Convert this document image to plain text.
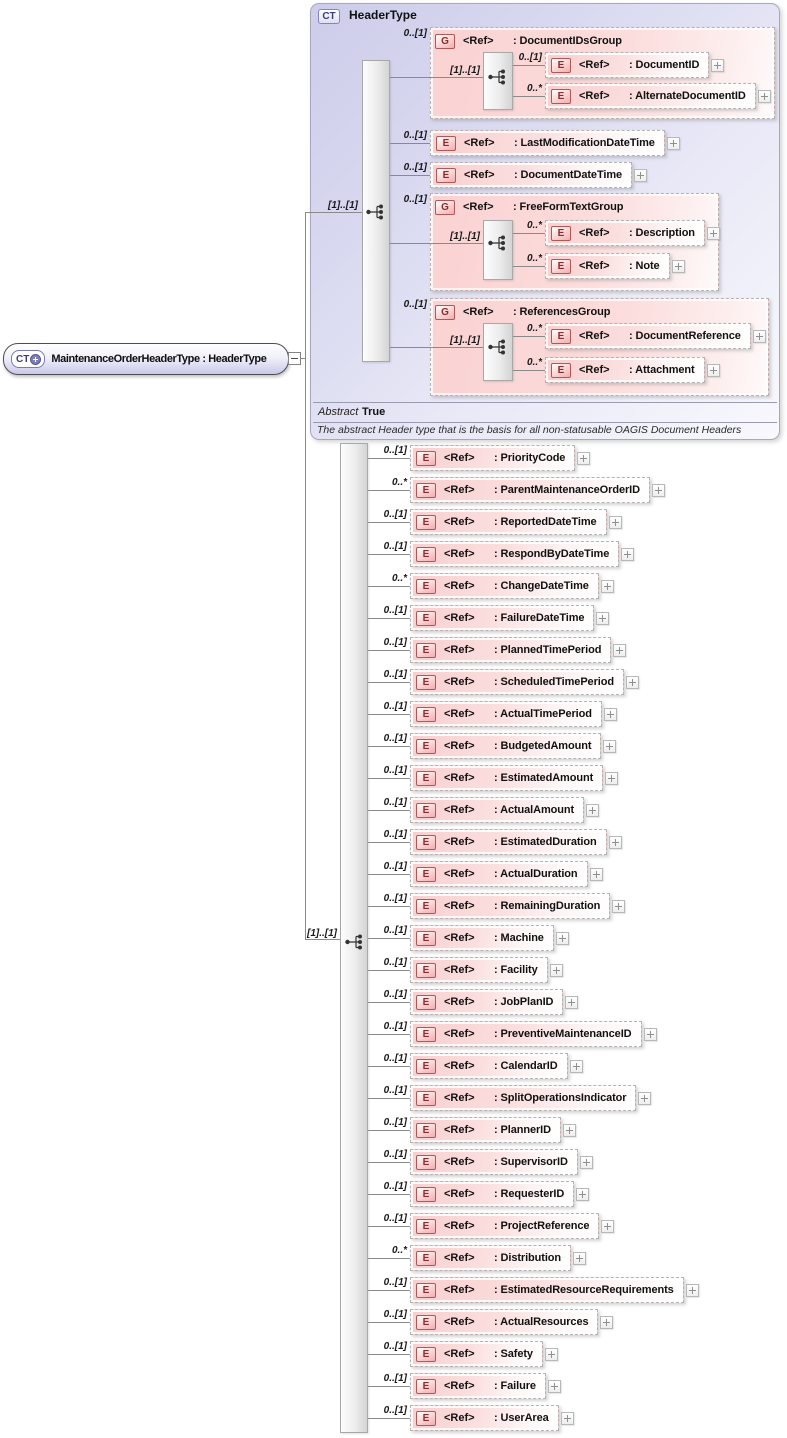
CT MaintenanceOrderHeaderType : HeaderType
CT	HeaderType
[1]..[1]
[1]..[1]
Abstract True
The abstract Header type that is the basis for all non-statusable OAGIS Document Headers
0..[1]
G	<Ref>	: DocumentIDsGroup
[1]..[1]
0..[1]
E	<Ref>	: DocumentID
0..*
E	<Ref>	: AlternateDocumentID
0..[1]
E	<Ref>	: LastModificationDateTime
0..[1]
E	<Ref>	: DocumentDateTime
0..[1]
G	<Ref>	: FreeFormTextGroup
[1]..[1]
0..*
E	<Ref>	: Description
0..*
E	<Ref>	: Note
0..[1]
G	<Ref>	: ReferencesGroup
[1]..[1]
0..*
E	<Ref>	: DocumentReference
0..*
E	<Ref>	: Attachment
0..[1]
E	<Ref>	: PriorityCode
0..*
E	<Ref>	: ParentMaintenanceOrderID
0..[1]
E	<Ref>	: ReportedDateTime
0..[1]
E	<Ref>	: RespondByDateTime
0..*
E	<Ref>	: ChangeDateTime
0..[1]
E	<Ref>	: FailureDateTime
0..[1]
E	<Ref>	: PlannedTimePeriod
0..[1]
E	<Ref>	: ScheduledTimePeriod
0..[1]
E	<Ref>	: ActualTimePeriod
0..[1]
E	<Ref>	: BudgetedAmount
0..[1]
E	<Ref>	: EstimatedAmount
0..[1]
E	<Ref>	: ActualAmount
0..[1]
E	<Ref>	: EstimatedDuration
0..[1]
E	<Ref>	: ActualDuration
0..[1]
E	<Ref>	: RemainingDuration
0..[1]
E	<Ref>	: Machine
0..[1]
E	<Ref>	: Facility
0..[1]
E	<Ref>	: JobPlanID
0..[1]
E	<Ref>	: PreventiveMaintenanceID
0..[1]
E	<Ref>	: CalendarID
0..[1]
E	<Ref>	: SplitOperationsIndicator
0..[1]
E	<Ref>	: PlannerID
0..[1]
E	<Ref>	: SupervisorID
0..[1]
E	<Ref>	: RequesterID
0..[1]
E	<Ref>	: ProjectReference
0..*
E	<Ref>	: Distribution
0..[1]
E	<Ref>	: EstimatedResourceRequirements
0..[1]
E	<Ref>	: ActualResources
0..[1]
E	<Ref>	: Safety
0..[1]
E	<Ref>	: Failure
0..[1]
E	<Ref>	: UserArea
